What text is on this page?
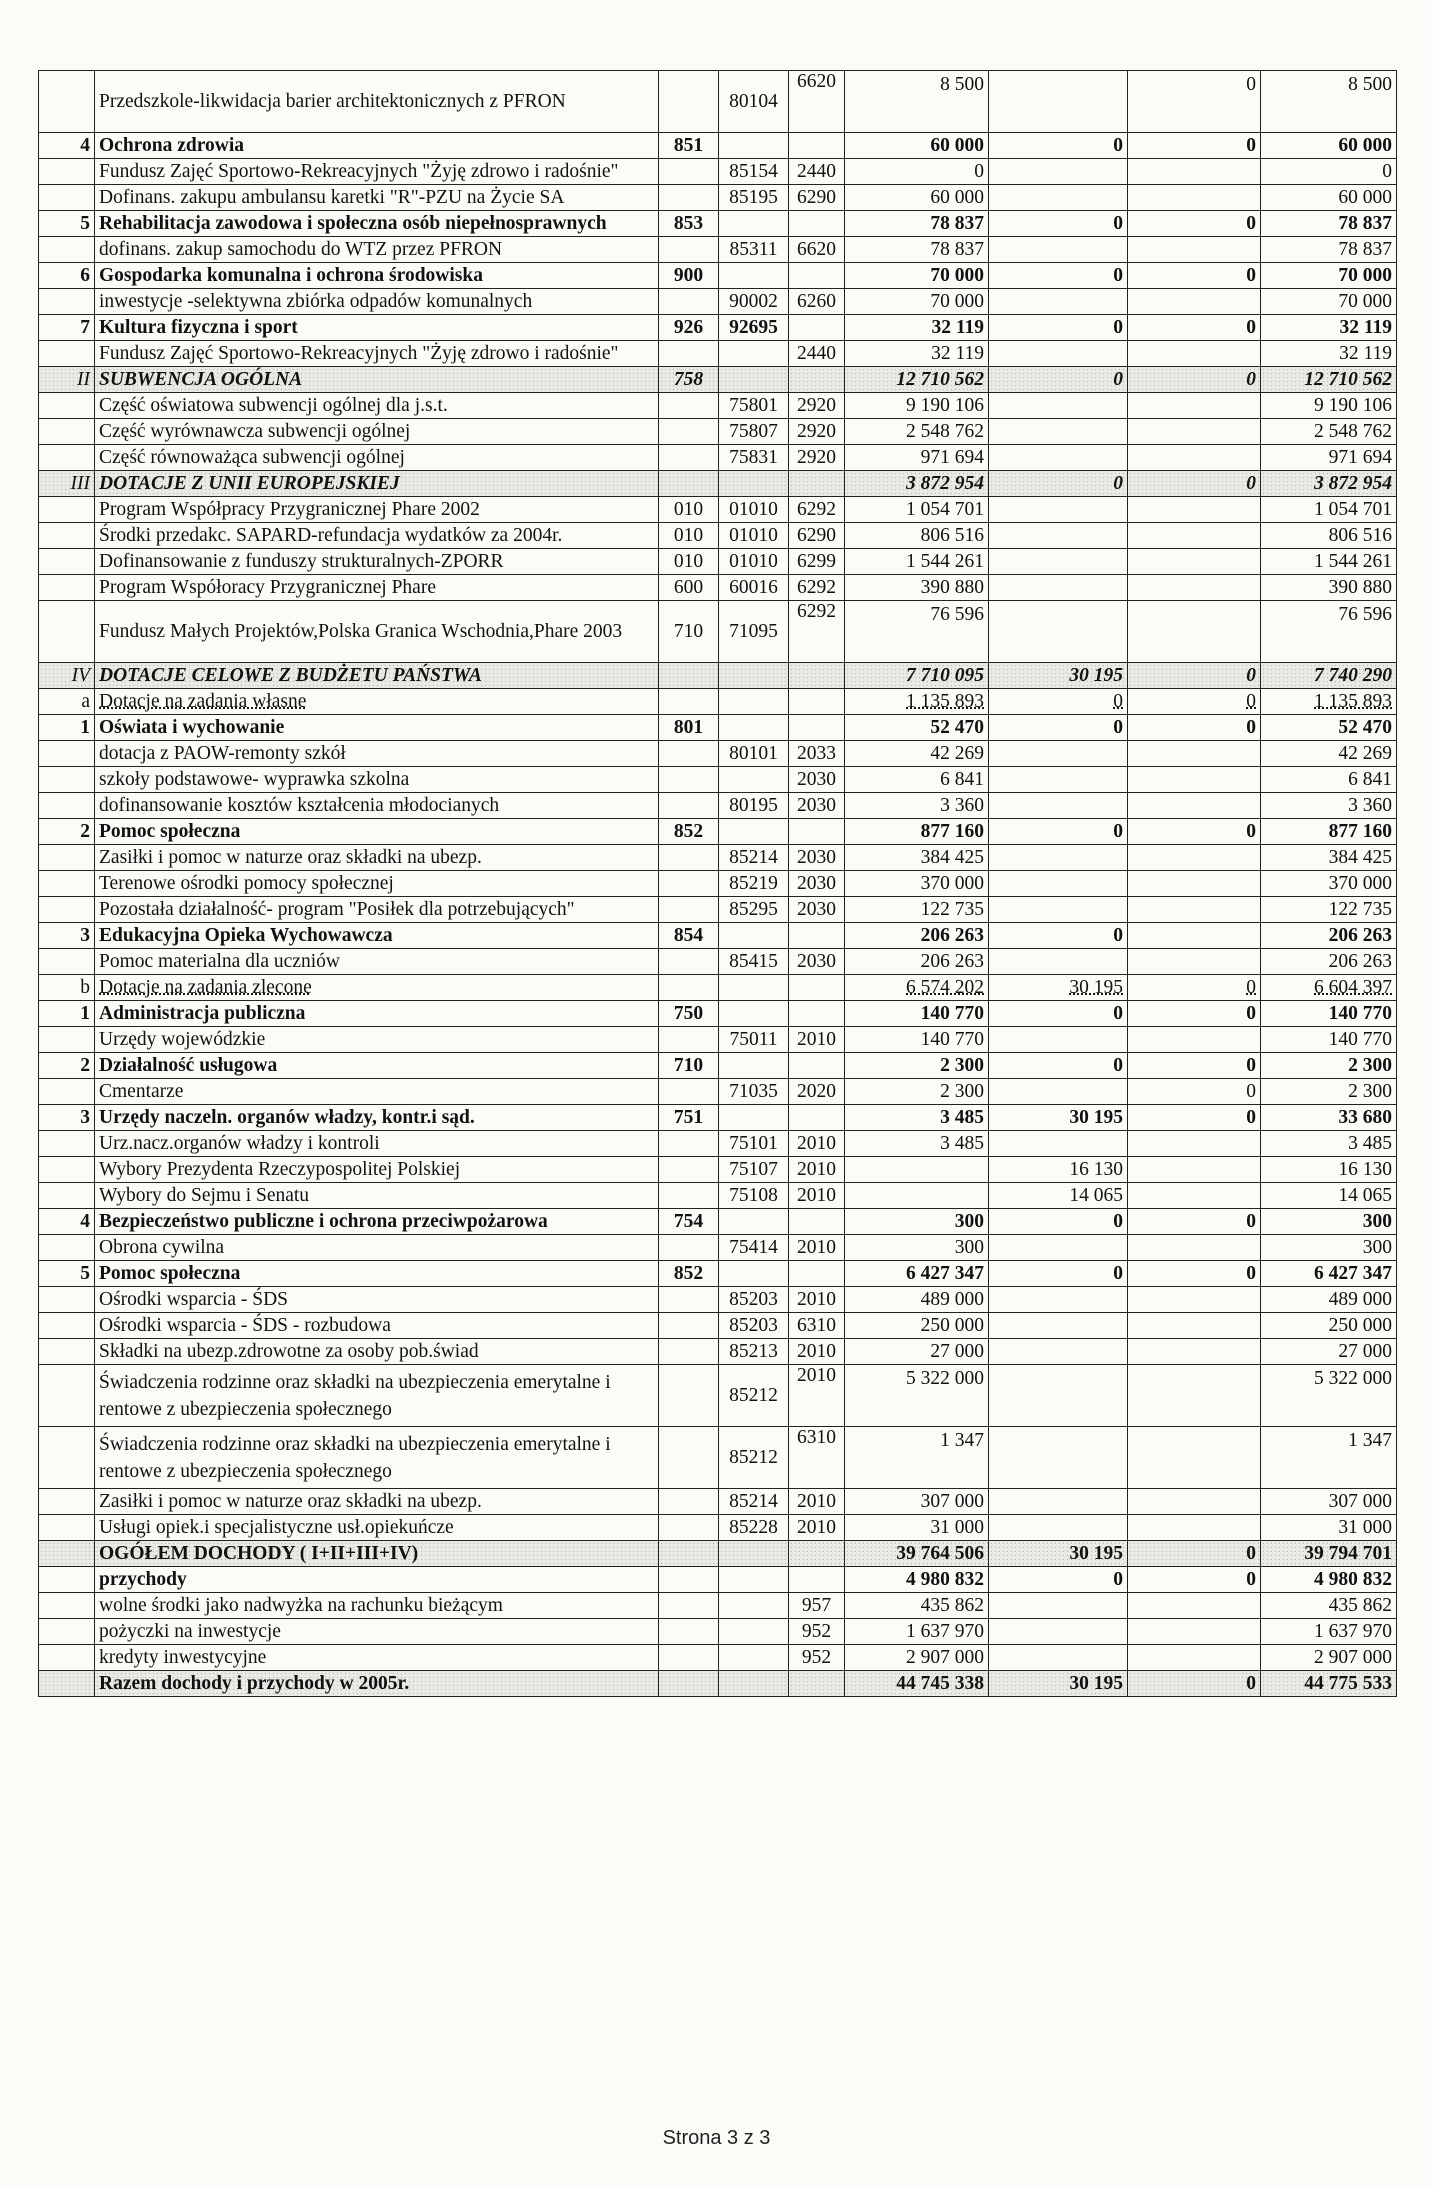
	Przedszkole-likwidacja barier architektonicznych z PFRON		80104	6620	8 500		0	8 500
4	Ochrona zdrowia	851			60 000	0	0	60 000
	Fundusz Zajęć Sportowo-Rekreacyjnych "Żyję zdrowo i radośnie"		85154	2440	0			0
	Dofinans. zakupu ambulansu karetki "R"-PZU na Życie SA		85195	6290	60 000			60 000
5	Rehabilitacja zawodowa i społeczna osób niepełnosprawnych	853			78 837	0	0	78 837
	dofinans. zakup samochodu do WTZ przez PFRON		85311	6620	78 837			78 837
6	Gospodarka komunalna i ochrona środowiska	900			70 000	0	0	70 000
	inwestycje -selektywna zbiórka odpadów komunalnych		90002	6260	70 000			70 000
7	Kultura fizyczna i sport	926	92695		32 119	0	0	32 119
	Fundusz Zajęć Sportowo-Rekreacyjnych "Żyję zdrowo i radośnie"			2440	32 119			32 119
II	SUBWENCJA OGÓLNA	758			12 710 562	0	0	12 710 562
	Część oświatowa subwencji ogólnej dla j.s.t.		75801	2920	9 190 106			9 190 106
	Część wyrównawcza subwencji ogólnej		75807	2920	2 548 762			2 548 762
	Część równoważąca subwencji ogólnej		75831	2920	971 694			971 694
III	DOTACJE Z UNII EUROPEJSKIEJ				3 872 954	0	0	3 872 954
	Program Współpracy Przygranicznej Phare 2002	010	01010	6292	1 054 701			1 054 701
	Środki przedakc. SAPARD-refundacja wydatków za 2004r.	010	01010	6290	806 516			806 516
	Dofinansowanie z funduszy strukturalnych-ZPORR	010	01010	6299	1 544 261			1 544 261
	Program Współoracy Przygranicznej Phare	600	60016	6292	390 880			390 880
	Fundusz Małych Projektów,Polska Granica Wschodnia,Phare 2003	710	71095	6292	76 596			76 596
IV	DOTACJE CELOWE Z BUDŻETU PAŃSTWA				7 710 095	30 195	0	7 740 290
a	Dotacje na zadania własne				1 135 893	0	0	1 135 893
1	Oświata i wychowanie	801			52 470	0	0	52 470
	dotacja z PAOW-remonty szkół		80101	2033	42 269			42 269
	szkoły podstawowe- wyprawka szkolna			2030	6 841			6 841
	dofinansowanie kosztów kształcenia młodocianych		80195	2030	3 360			3 360
2	Pomoc społeczna	852			877 160	0	0	877 160
	Zasiłki i pomoc w naturze oraz składki na ubezp.		85214	2030	384 425			384 425
	Terenowe ośrodki pomocy społecznej		85219	2030	370 000			370 000
	Pozostała działalność- program "Posiłek dla potrzebujących"		85295	2030	122 735			122 735
3	Edukacyjna Opieka Wychowawcza	854			206 263	0		206 263
	Pomoc materialna dla uczniów		85415	2030	206 263			206 263
b	Dotacje na zadania zlecone				6 574 202	30 195	0	6 604 397
1	Administracja publiczna	750			140 770	0	0	140 770
	Urzędy wojewódzkie		75011	2010	140 770			140 770
2	Działalność usługowa	710			2 300	0	0	2 300
	Cmentarze		71035	2020	2 300		0	2 300
3	Urzędy naczeln. organów władzy, kontr.i sąd.	751			3 485	30 195	0	33 680
	Urz.nacz.organów władzy i kontroli		75101	2010	3 485			3 485
	Wybory Prezydenta Rzeczypospolitej Polskiej		75107	2010		16 130		16 130
	Wybory do Sejmu i Senatu		75108	2010		14 065		14 065
4	Bezpieczeństwo publiczne i ochrona przeciwpożarowa	754			300	0	0	300
	Obrona cywilna		75414	2010	300			300
5	Pomoc społeczna	852			6 427 347	0	0	6 427 347
	Ośrodki wsparcia - ŚDS		85203	2010	489 000			489 000
	Ośrodki wsparcia - ŚDS - rozbudowa		85203	6310	250 000			250 000
	Składki na ubezp.zdrowotne za osoby pob.świad		85213	2010	27 000			27 000
	Świadczenia rodzinne oraz składki na ubezpieczenia emerytalne i rentowe z ubezpieczenia społecznego		85212	2010	5 322 000			5 322 000
	Świadczenia rodzinne oraz składki na ubezpieczenia emerytalne i rentowe z ubezpieczenia społecznego		85212	6310	1 347			1 347
	Zasiłki i pomoc w naturze oraz składki na ubezp.		85214	2010	307 000			307 000
	Usługi opiek.i specjalistyczne usł.opiekuńcze		85228	2010	31 000			31 000
	OGÓŁEM DOCHODY ( I+II+III+IV)				39 764 506	30 195	0	39 794 701
	przychody				4 980 832	0	0	4 980 832
	wolne środki jako nadwyżka na rachunku bieżącym			957	435 862			435 862
	pożyczki na inwestycje			952	1 637 970			1 637 970
	kredyty inwestycyjne			952	2 907 000			2 907 000
	Razem dochody i przychody w 2005r.				44 745 338	30 195	0	44 775 533
Strona 3 z 3
